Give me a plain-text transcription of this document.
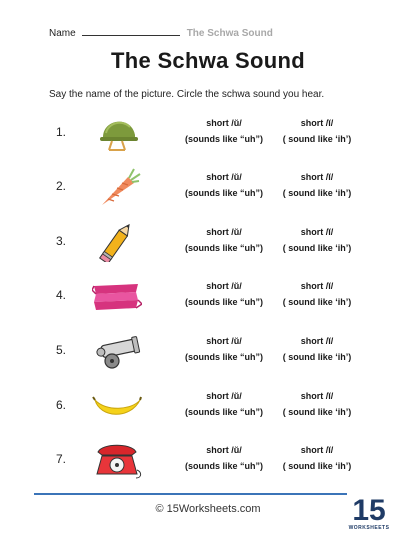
Name	The Schwa Sound
The Schwa Sound
Say the name of the picture. Circle the schwa sound you hear.
1.
short /ŭ/
(sounds like “uh”)
short /ĭ/
( sound like ‘ih’)
2.
short /ŭ/
(sounds like “uh”)
short /ĭ/
( sound like ‘ih’)
3.
short /ŭ/
(sounds like “uh”)
short /ĭ/
( sound like ‘ih’)
4.
short /ŭ/
(sounds like “uh”)
short /ĭ/
( sound like ‘ih’)
5.
short /ŭ/
(sounds like “uh”)
short /ĭ/
( sound like ‘ih’)
6.
short /ŭ/
(sounds like “uh”)
short /ĭ/
( sound like ‘ih’)
7.
short /ŭ/
(sounds like “uh”)
short /ĭ/
( sound like ‘ih’)
© 15Worksheets.com	15
WORKSHEETS
